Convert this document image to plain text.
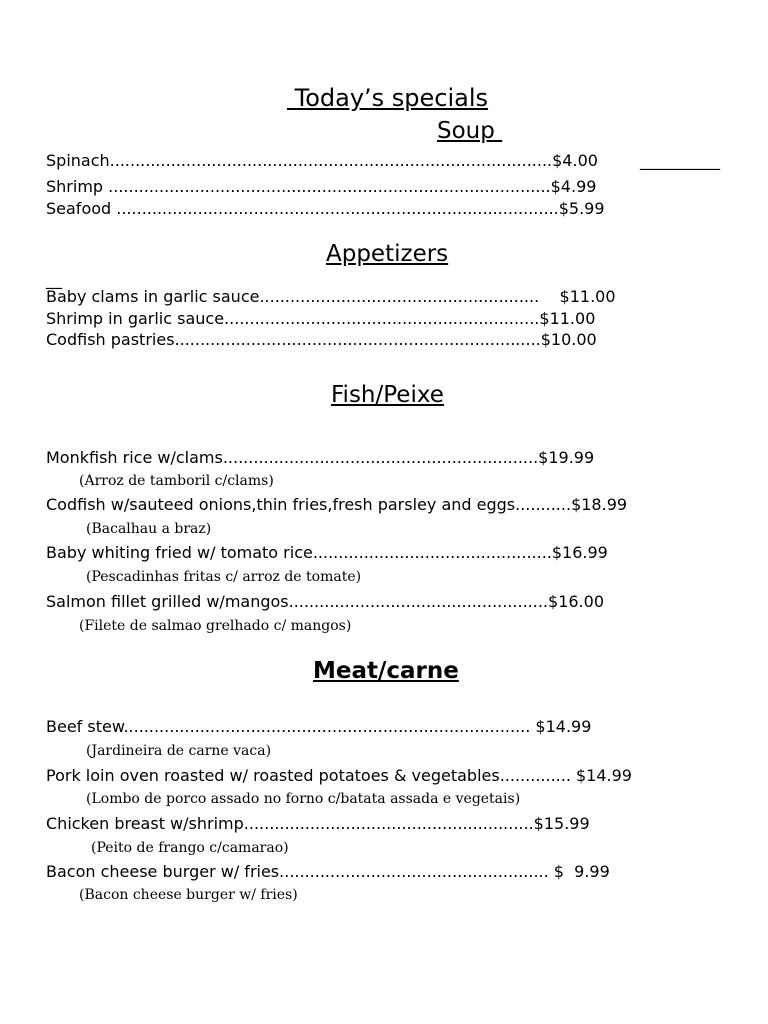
Today’s specials
Soup
Spinach.......................................................................................$4.00	__________
Shrimp .......................................................................................$4.99
Seafood .......................................................................................$5.99
Appetizers
__
Baby clams in garlic sauce.......................................................    $11.00
Shrimp in garlic sauce..............................................................$11.00
Codfish pastries........................................................................$10.00
Fish/Peixe
Monkfish rice w/clams..............................................................$19.99
(Arroz de tamboril c/clams)
Codfish w/sauteed onions,thin fries,fresh parsley and eggs...........$18.99
(Bacalhau a braz)
Baby whiting fried w/ tomato rice...............................................$16.99
(Pescadinhas fritas c/ arroz de tomate)
Salmon fillet grilled w/mangos...................................................$16.00
(Filete de salmao grelhado c/ mangos)
Meat/carne
Beef stew................................................................................ $14.99
(Jardineira de carne vaca)
Pork loin oven roasted w/ roasted potatoes & vegetables.............. $14.99
(Lombo de porco assado no forno c/batata assada e vegetais)
Chicken breast w/shrimp.........................................................$15.99
(Peito de frango c/camarao)
Bacon cheese burger w/ fries..................................................... $  9.99
(Bacon cheese burger w/ fries)
